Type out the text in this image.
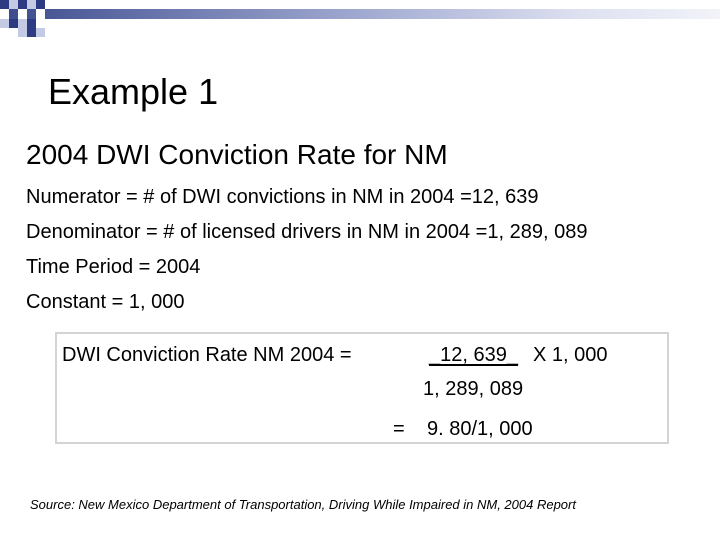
Example 1
2004 DWI Conviction Rate for NM
Numerator = # of DWI convictions in NM in 2004 =12, 639
Denominator = # of licensed drivers in NM in 2004 =1, 289, 089
Time Period = 2004
Constant = 1, 000
DWI Conviction Rate NM 2004 =	_12, 639_ X 1, 000
1, 289, 089
= 9. 80/1, 000
Source: New Mexico Department of Transportation, Driving While Impaired in NM, 2004 Report
